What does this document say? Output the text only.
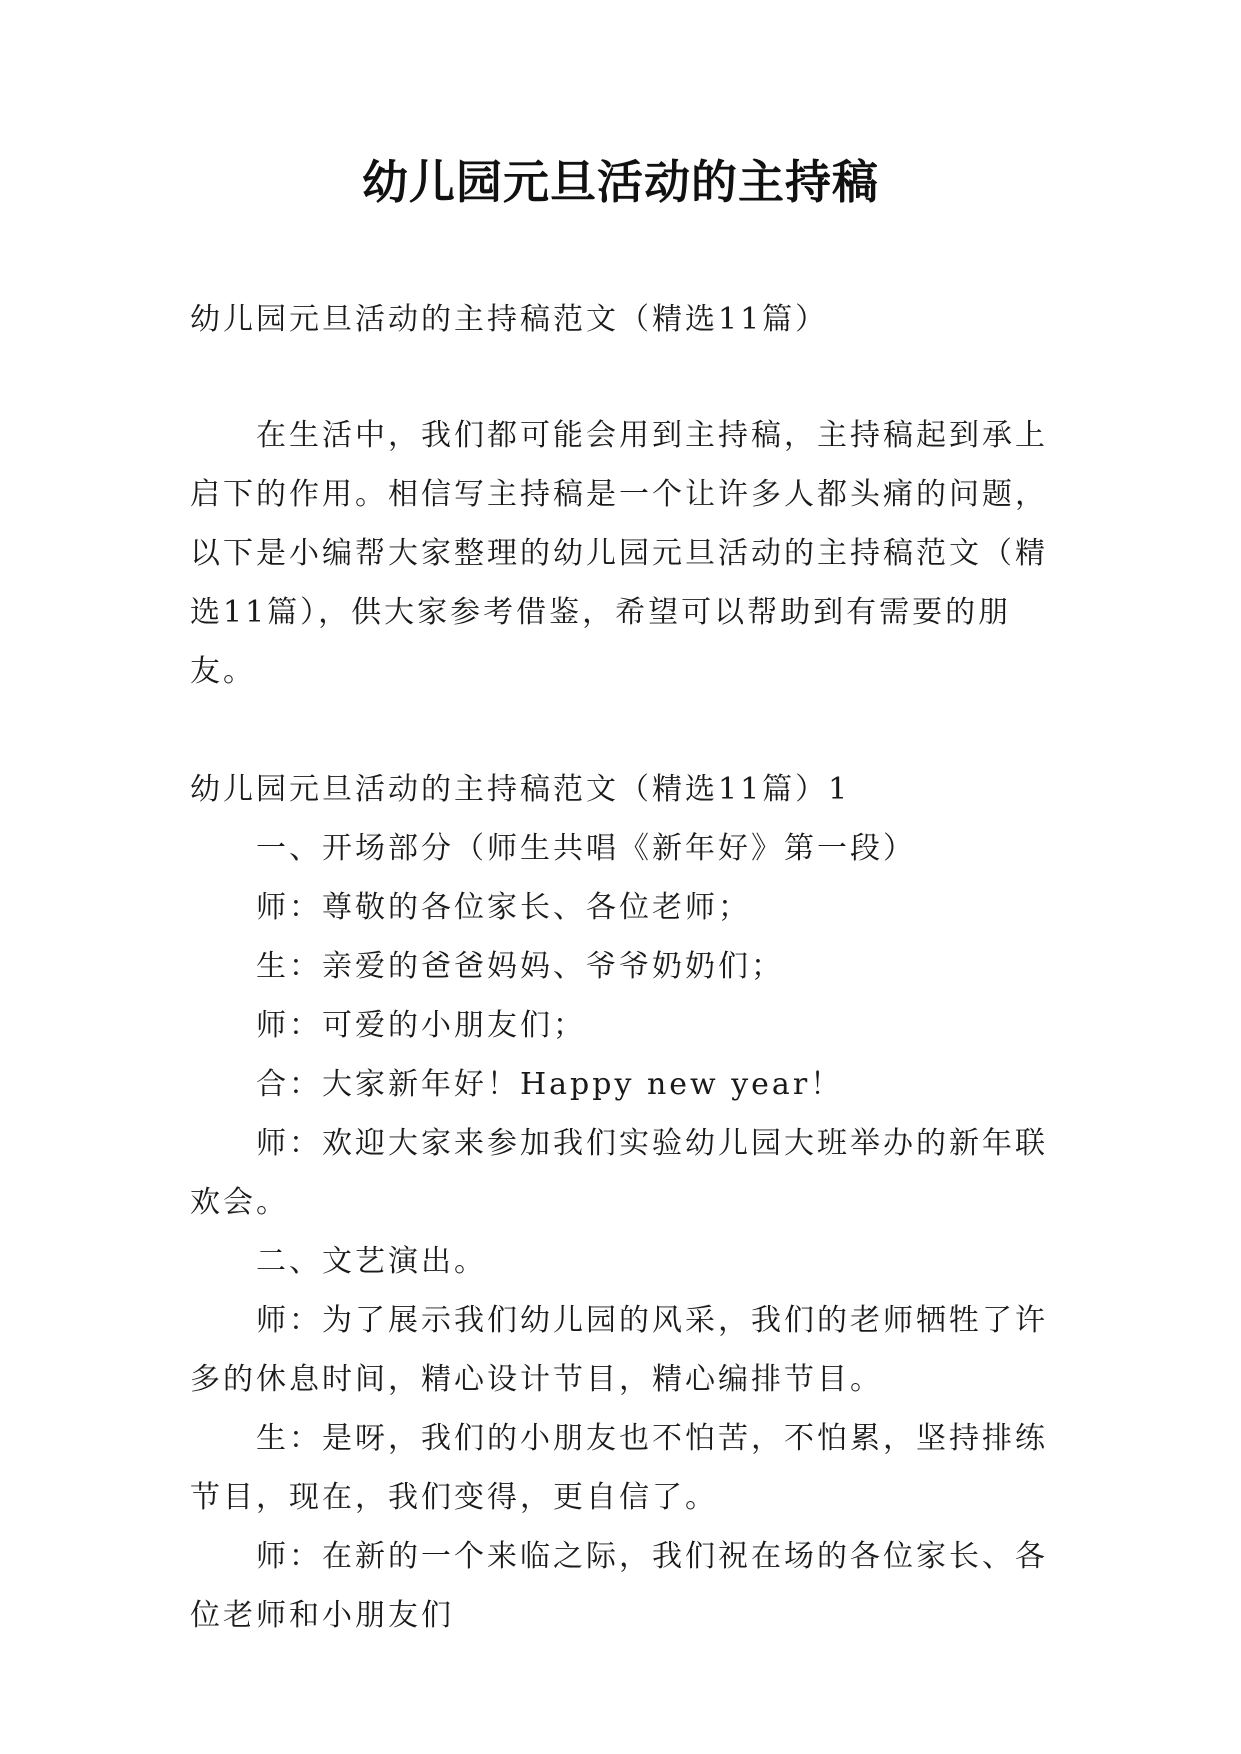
幼儿园元旦活动的主持稿

幼儿园元旦活动的主持稿范文（精选11篇）

在生活中，我们都可能会用到主持稿，主持稿起到承上启下的作用。相信写主持稿是一个让许多人都头痛的问题，以下是小编帮大家整理的幼儿园元旦活动的主持稿范文（精选11篇），供大家参考借鉴，希望可以帮助到有需要的朋友。

幼儿园元旦活动的主持稿范文（精选11篇）1

一、开场部分（师生共唱《新年好》第一段）

师：尊敬的各位家长、各位老师；

生：亲爱的爸爸妈妈、爷爷奶奶们；

师：可爱的小朋友们；

合：大家新年好！Happy new year！

师：欢迎大家来参加我们实验幼儿园大班举办的新年联欢会。

二、文艺演出。

师：为了展示我们幼儿园的风采，我们的老师牺牲了许多的休息时间，精心设计节目，精心编排节目。

生：是呀，我们的小朋友也不怕苦，不怕累，坚持排练节目，现在，我们变得，更自信了。

师：在新的一个来临之际，我们祝在场的各位家长、各位老师和小朋友们
